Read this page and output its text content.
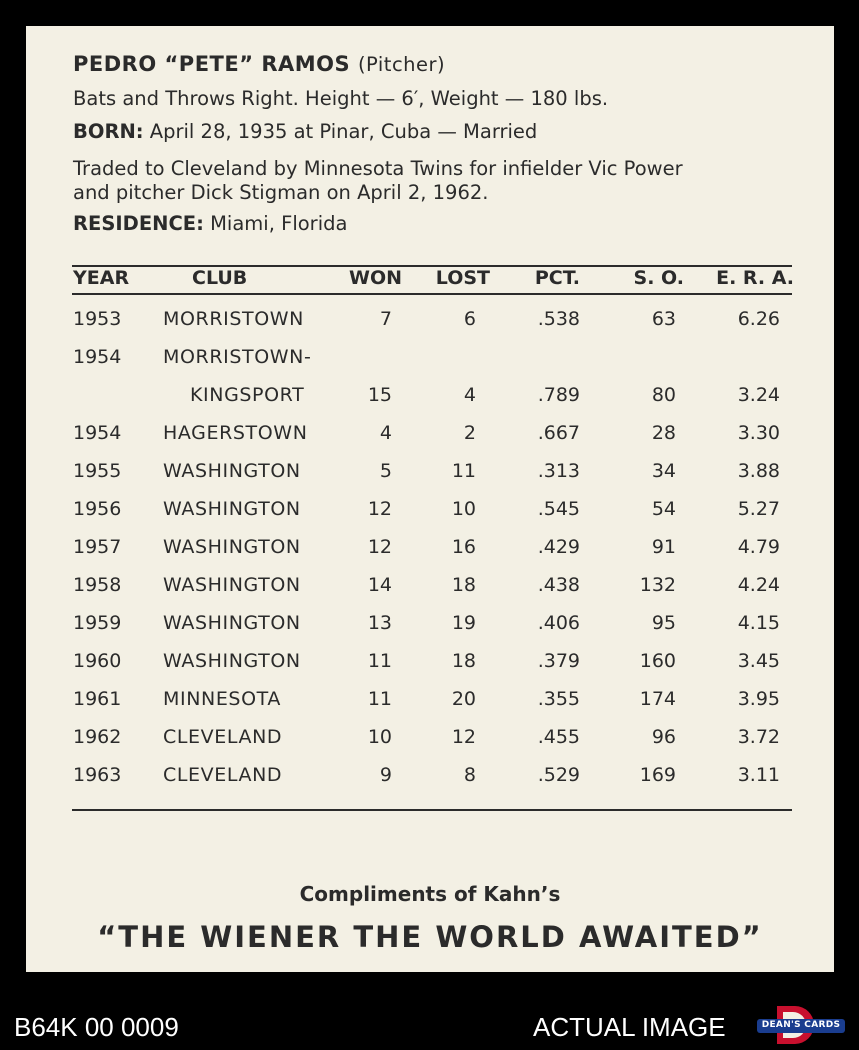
PEDRO “PETE” RAMOS (Pitcher)
Bats and Throws Right. Height — 6′, Weight — 180 lbs.
BORN: April 28, 1935 at Pinar, Cuba — Married
Traded to Cleveland by Minnesota Twins for infielder Vic Power
and pitcher Dick Stigman on April 2, 1962.
RESIDENCE: Miami, Florida
YEAR	CLUB	WON	LOST	PCT.	S. O.	E. R. A.
1953 MORRISTOWN	7	6	.538	63	6.26
1954 MORRISTOWN-
KINGSPORT	15	4	.789	80	3.24
1954 HAGERSTOWN	4	2	.667	28	3.30
1955 WASHINGTON	5	11	.313	34	3.88
1956 WASHINGTON	12	10	.545	54	5.27
1957 WASHINGTON	12	16	.429	91	4.79
1958 WASHINGTON	14	18	.438	132	4.24
1959 WASHINGTON	13	19	.406	95	4.15
1960 WASHINGTON	11	18	.379	160	3.45
1961 MINNESOTA	11	20	.355	174	3.95
1962 CLEVELAND	10	12	.455	96	3.72
1963 CLEVELAND	9	8	.529	169	3.11
Compliments of Kahn’s
“THE WIENER THE WORLD AWAITED”
B64K 00 0009	ACTUAL IMAGE	DEAN'S CARDS
